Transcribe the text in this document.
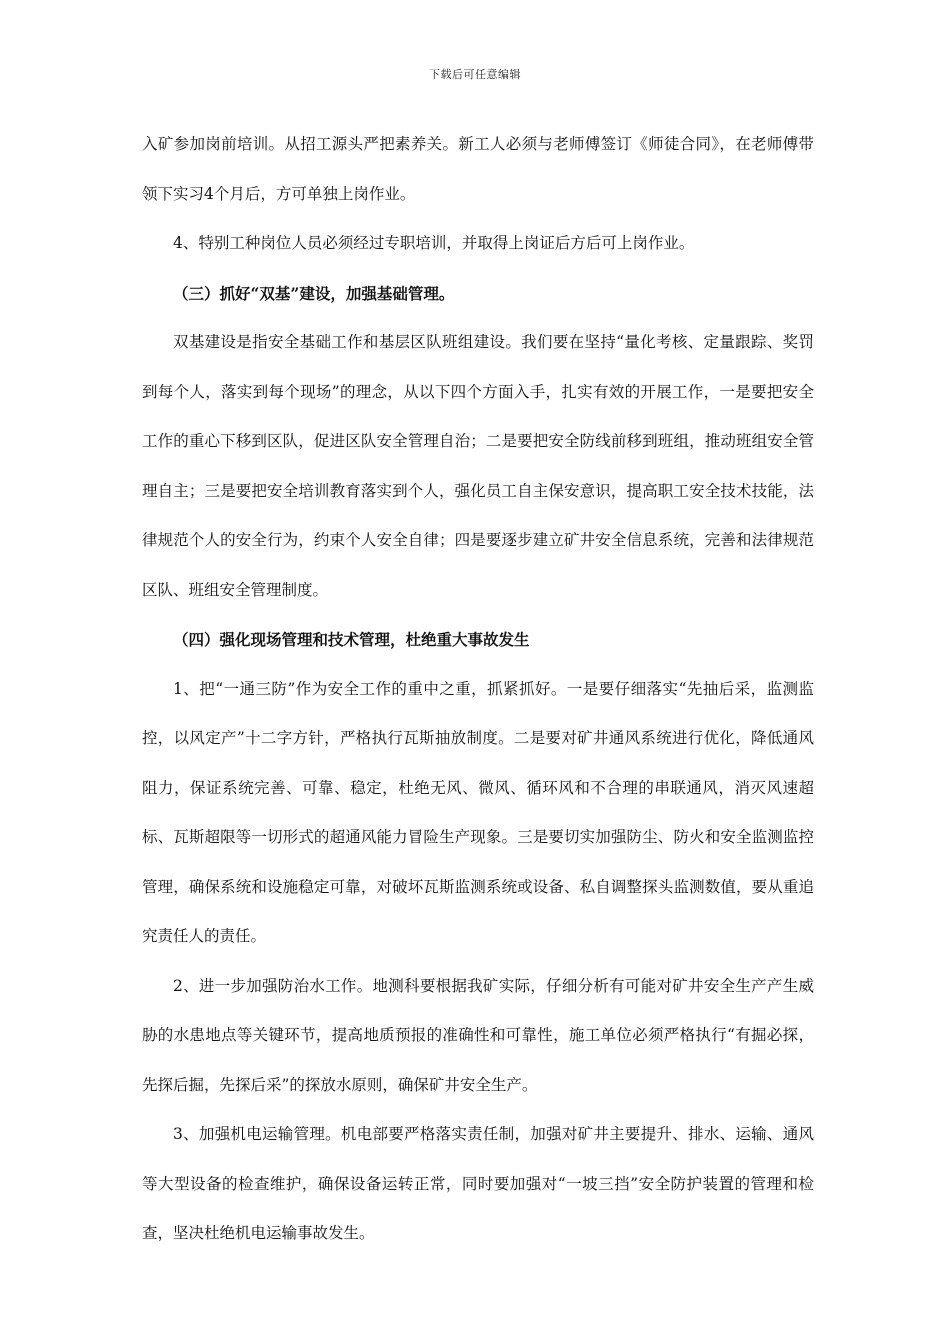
下载后可任意编辑

入矿参加岗前培训。从招工源头严把素养关。新工人必须与老师傅签订《师徒合同》，在老师傅带领下实习4个月后，方可单独上岗作业。

4、特别工种岗位人员必须经过专职培训，并取得上岗证后方后可上岗作业。

（三）抓好“双基”建设，加强基础管理。

双基建设是指安全基础工作和基层区队班组建设。我们要在坚持“量化考核、定量跟踪、奖罚到每个人，落实到每个现场”的理念，从以下四个方面入手，扎实有效的开展工作，一是要把安全工作的重心下移到区队，促进区队安全管理自治；二是要把安全防线前移到班组，推动班组安全管理自主；三是要把安全培训教育落实到个人，强化员工自主保安意识，提高职工安全技术技能，法律规范个人的安全行为，约束个人安全自律；四是要逐步建立矿井安全信息系统，完善和法律规范区队、班组安全管理制度。

（四）强化现场管理和技术管理，杜绝重大事故发生

1、把“一通三防”作为安全工作的重中之重，抓紧抓好。一是要仔细落实“先抽后采，监测监控，以风定产”十二字方针，严格执行瓦斯抽放制度。二是要对矿井通风系统进行优化，降低通风阻力，保证系统完善、可靠、稳定，杜绝无风、微风、循环风和不合理的串联通风，消灭风速超标、瓦斯超限等一切形式的超通风能力冒险生产现象。三是要切实加强防尘、防火和安全监测监控管理，确保系统和设施稳定可靠，对破坏瓦斯监测系统或设备、私自调整探头监测数值，要从重追究责任人的责任。

2、进一步加强防治水工作。地测科要根据我矿实际，仔细分析有可能对矿井安全生产产生威胁的水患地点等关键环节，提高地质预报的准确性和可靠性，施工单位必须严格执行“有掘必探，先探后掘，先探后采”的探放水原则，确保矿井安全生产。

3、加强机电运输管理。机电部要严格落实责任制，加强对矿井主要提升、排水、运输、通风等大型设备的检查维护，确保设备运转正常，同时要加强对“一坡三挡”安全防护装置的管理和检查，坚决杜绝机电运输事故发生。
